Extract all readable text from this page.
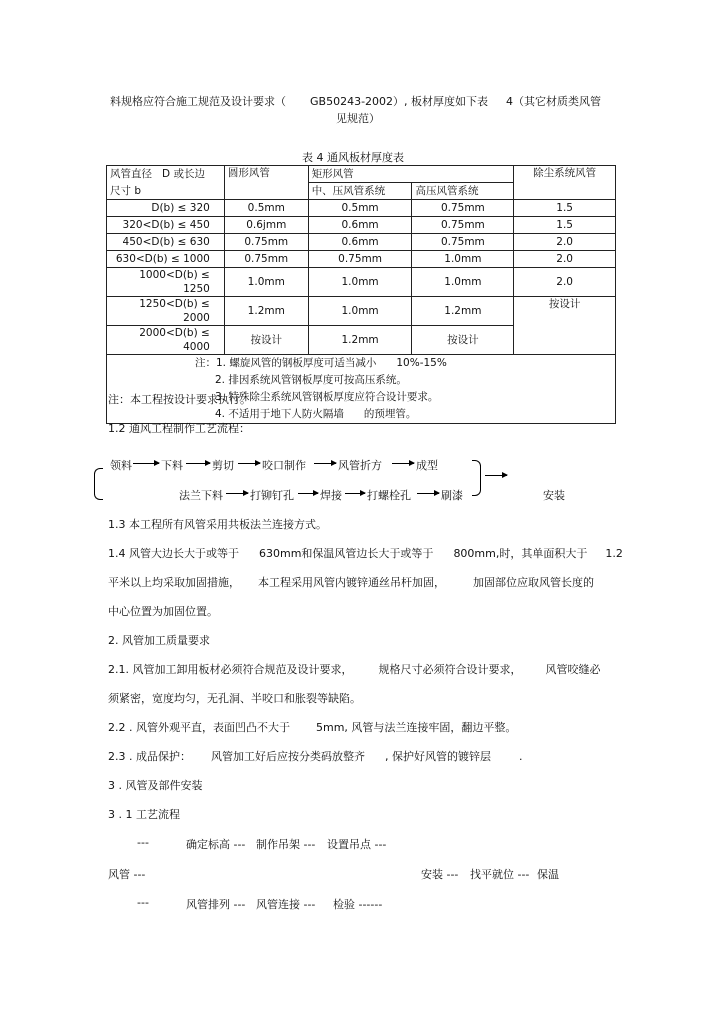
料规格应符合施工规范及设计要求（ GB50243-2002）, 板材厚度如下表 4（其它材质类风管
见规范）
表 4 通风板材厚度表
风管直径 D 或长边	圆形风管	矩形风管		除尘系统风管
尺寸 b		中、压风管系统	高压风管系统	
D(b) ≤ 320	0.5mm	0.5mm	0.75mm	1.5
320<D(b) ≤ 450	0.6jmm	0.6mm	0.75mm	1.5
450<D(b) ≤ 630	0.75mm	0.6mm	0.75mm	2.0
630<D(b) ≤ 1000	0.75mm	0.75mm	1.0mm	2.0
1000<D(b) ≤ 1250	1.0mm	1.0mm	1.0mm	2.0
1250<D(b) ≤ 2000	1.2mm	1.0mm	1.2mm	按设计
2000<D(b) ≤ 4000	按设计	1.2mm	按设计	

注：1. 螺旋风管的钢板厚度可适当减小 10%-15%
2. 排因系统风管钢板厚度可按高压系统。
3. 特殊除尘系统风管钢板厚度应符合设计要求。
4. 不适用于地下人防火隔墙 的预埋管。				
注：本工程按设计要求执行。
1.2 通风工程制作工艺流程：
领料	下料	剪切	咬口制作	风管折方	成型
法兰下料 打铆钉孔 焊接 打螺栓孔	刷漆	安装
1.3 本工程所有风管采用共板法兰连接方式。
1.4 风管大边长大于或等于 630mm和保温风管边长大于或等于 800mm,时，其单面积大于 1.2
平米以上均采取加固措施， 本工程采用风管内镀锌通丝吊杆加固，	加固部位应取风管长度的
中心位置为加固位置。
2. 风管加工质量要求
2.1. 风管加工卸用板材必须符合规范及设计要求， 规格尺寸必须符合设计要求， 风管咬缝必
须紧密，宽度均匀，无孔洞、半咬口和胀裂等缺陷。
2.2 . 风管外观平直，表面凹凸不大于 5mm, 风管与法兰连接牢固，翻边平整。
2.3 . 成品保护： 风管加工好后应按分类码放整齐 , 保护好风管的镀锌层	.
3 . 风管及部件安装
3 . 1 工艺流程
---	确定标高 --- 制作吊架 --- 设置吊点 ---
风管 ---	安装 --- 找平就位 --- 保温
---	风管排列 --- 风管连接 --- 检验 ------
